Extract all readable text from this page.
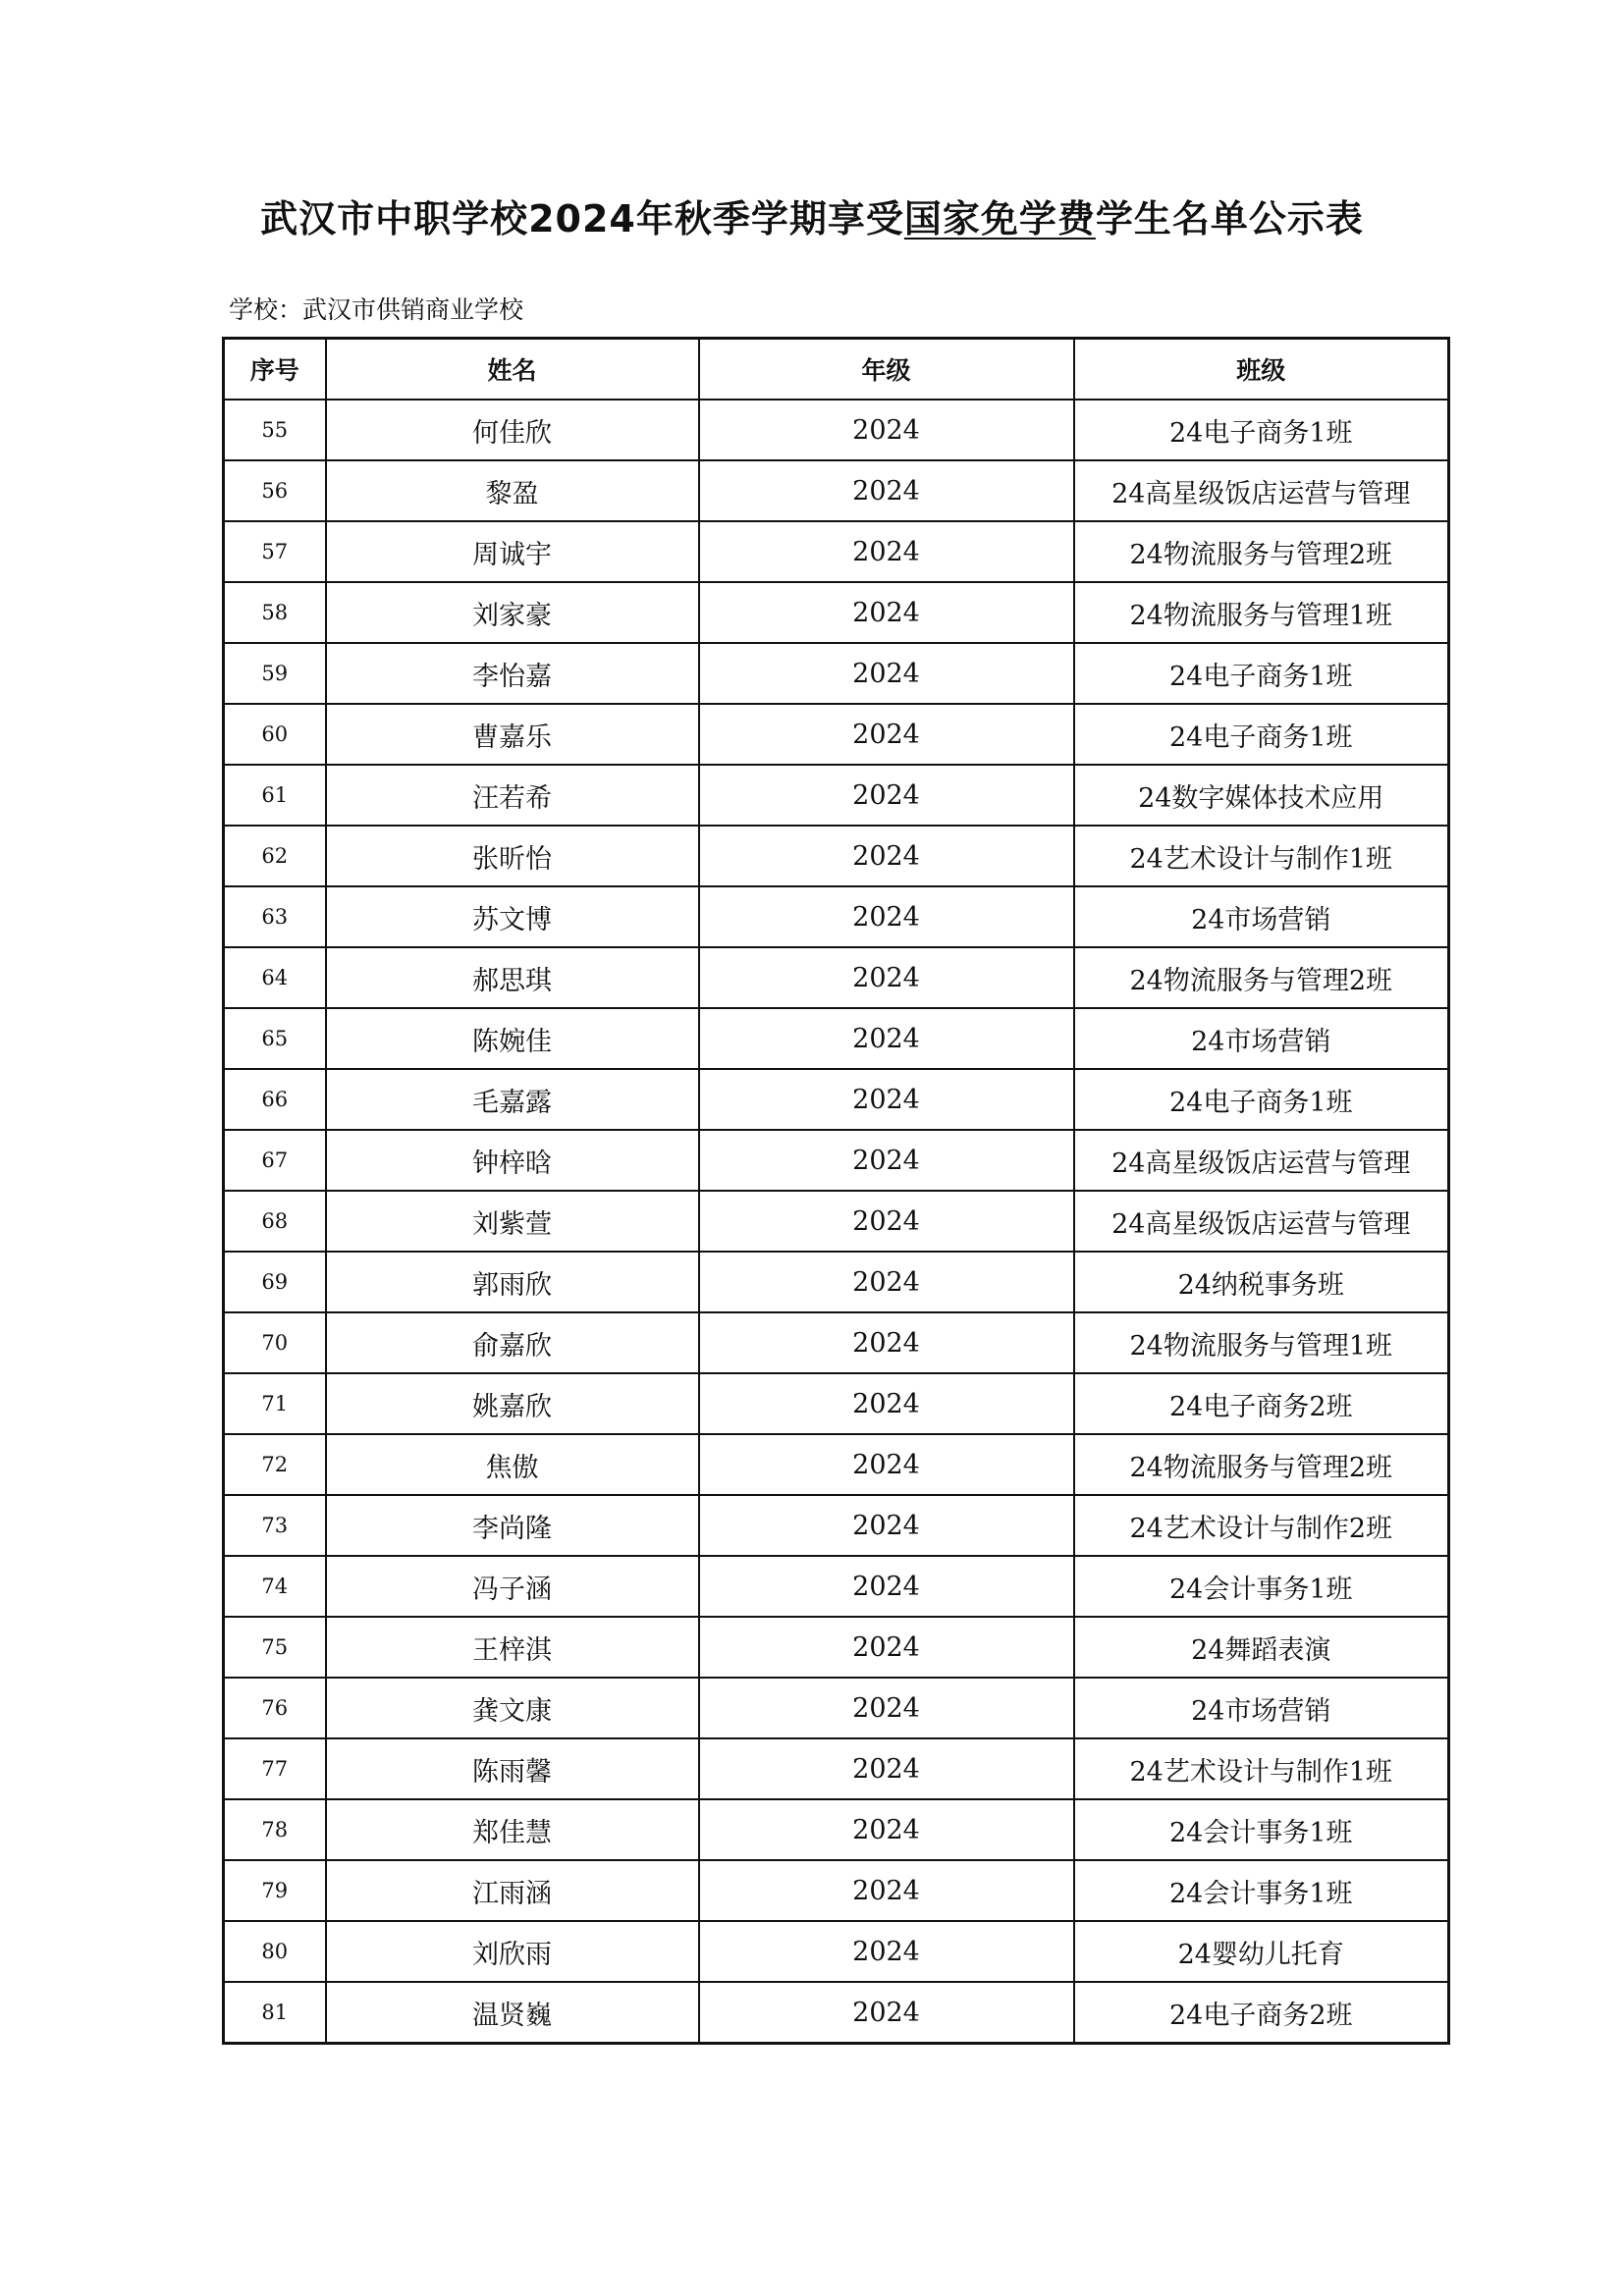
武汉市中职学校2024年秋季学期享受国家免学费学生名单公示表
学校：武汉市供销商业学校
序号	姓名	年级	班级
55	何佳欣	2024	24电子商务1班
56	黎盈	2024	24高星级饭店运营与管理
57	周诚宇	2024	24物流服务与管理2班
58	刘家豪	2024	24物流服务与管理1班
59	李怡嘉	2024	24电子商务1班
60	曹嘉乐	2024	24电子商务1班
61	汪若希	2024	24数字媒体技术应用
62	张昕怡	2024	24艺术设计与制作1班
63	苏文博	2024	24市场营销
64	郝思琪	2024	24物流服务与管理2班
65	陈婉佳	2024	24市场营销
66	毛嘉露	2024	24电子商务1班
67	钟梓晗	2024	24高星级饭店运营与管理
68	刘紫萱	2024	24高星级饭店运营与管理
69	郭雨欣	2024	24纳税事务班
70	俞嘉欣	2024	24物流服务与管理1班
71	姚嘉欣	2024	24电子商务2班
72	焦傲	2024	24物流服务与管理2班
73	李尚隆	2024	24艺术设计与制作2班
74	冯子涵	2024	24会计事务1班
75	王梓淇	2024	24舞蹈表演
76	龚文康	2024	24市场营销
77	陈雨馨	2024	24艺术设计与制作1班
78	郑佳慧	2024	24会计事务1班
79	江雨涵	2024	24会计事务1班
80	刘欣雨	2024	24婴幼儿托育
81	温贤巍	2024	24电子商务2班
